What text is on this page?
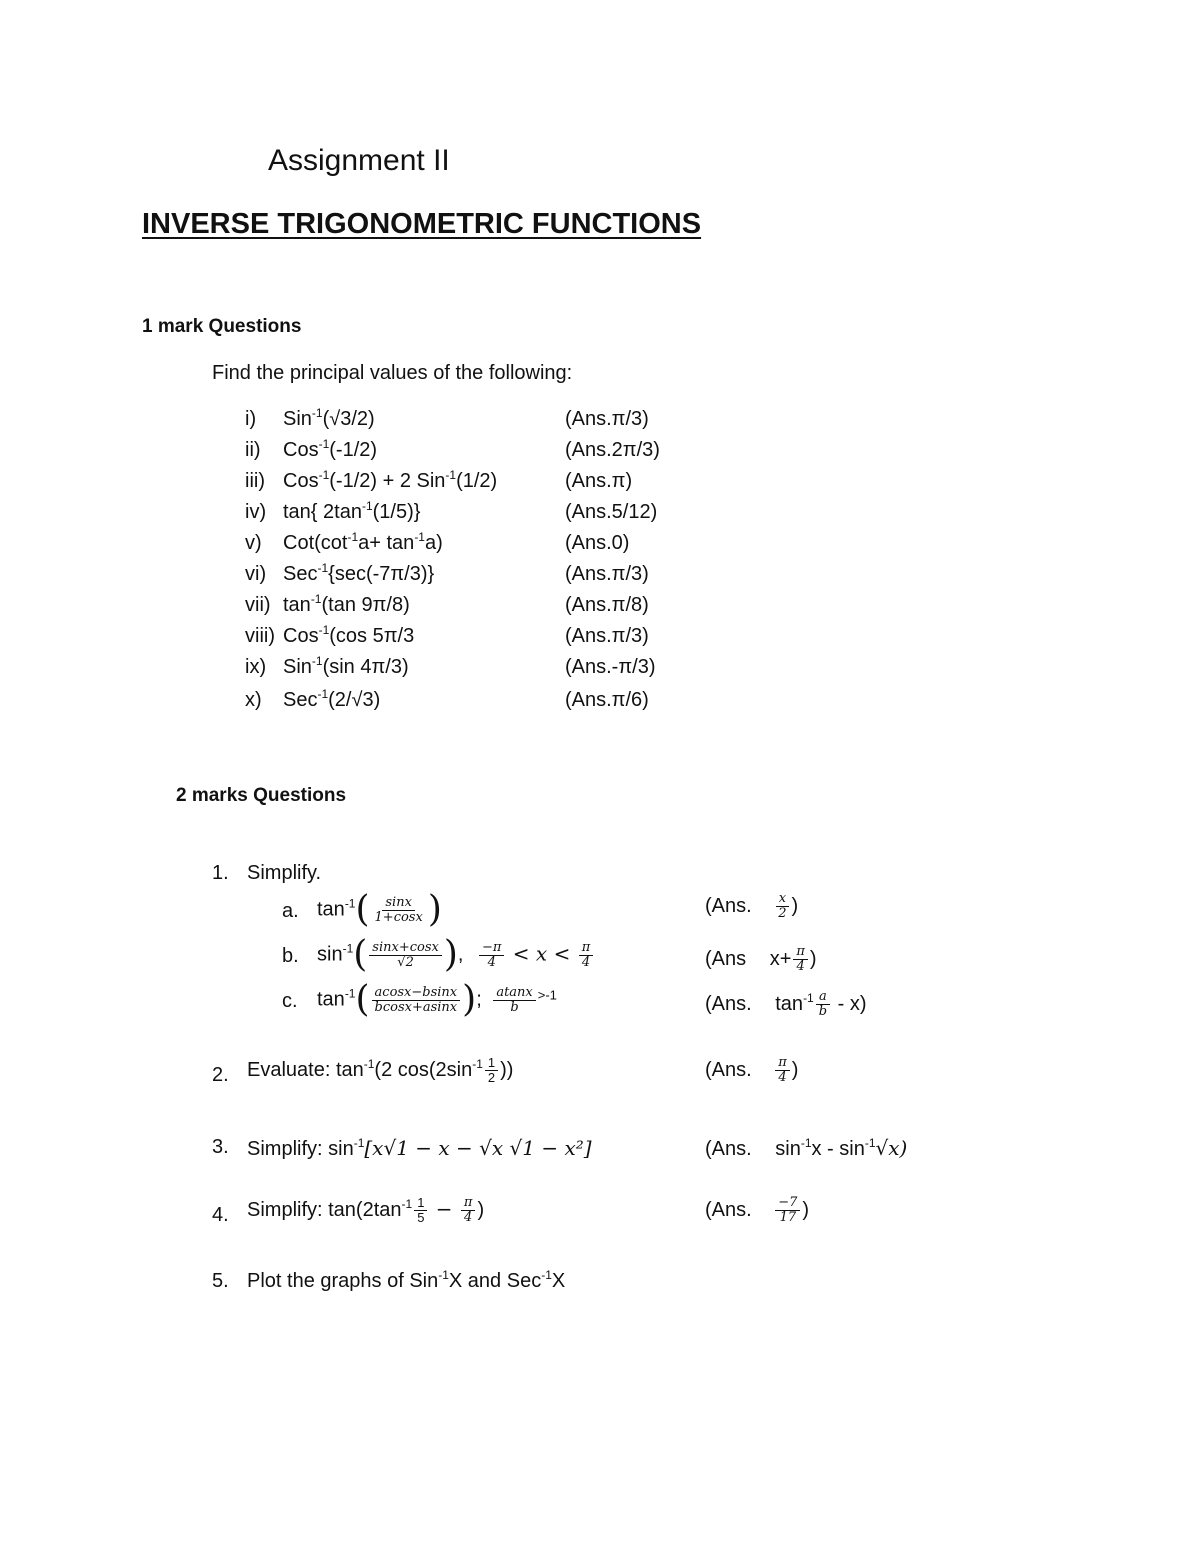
Assignment II
INVERSE TRIGONOMETRIC FUNCTIONS
1 mark Questions
Find the principal values of the following:
i) Sin$^{-1}$(√3/2)	(Ans.π/3)
ii) Cos$^{-1}$(-1/2)	(Ans.2π/3)
iii) Cos$^{-1}$(-1/2) + 2 Sin$^{-1}$(1/2)	(Ans.π)
iv) tan{ $2\tan^{-1}(1/5)$}	(Ans.5/12)
v) $Cot(\cot^{-1}a+ \tan^{-1}a)$	(Ans.0)
vi) Sec$^{-1}${sec(-7π/3)}	(Ans.π/3)
vii) $\tan^{-1}(\tan$ 9π/8)	(Ans.π/8)
viii) Cos$^{-1}$(cos 5π/3	(Ans.π/3)
ix) Sin$^{-1}$(sin 4π/3)	(Ans.-π/3)
x) Sec$^{-1}$(2/√3)	(Ans.π/6)
2 marks Questions
1. Simplify.
a. $\tan^{-1}( \frac{\sin x}{1+\cos x}$ )	(Ans. $\frac{x}{2}$ )
b. $\sin^{-1}( \frac{\sin x+\cos x}{√2}$ ), $\frac{-\pi}{4} < x < \frac{\pi}{4}$	(Ans $x+ \frac{\pi}{4}$ )
c. $\tan^{-1}( \frac{acosx-bsinx}{bcosx+asinx}$ ); $\frac{atanx}{b} ^{>-1}$	(Ans. $\tan^{-1} \frac{a}{b} - x$)
2. Evaluate: $\tan^{-1}(2$ $\cos(2\sin^{-1} \frac{1}{2}$ ))	(Ans. $\frac{\pi}{4}$ )
3. Simplify: $\sin^{-1}[x√1 - x - √x$ √1 − x²]	(Ans. $\sin^{-1}x - \sin^{-1}√x$)
4. Simplify: $\tan(2\tan^{-1} \frac{1}{5} - \frac{\pi}{4}$ )	(Ans. $\frac{-7}{17}$ )
5. Plot the graphs of Sin$^{-1}$X and Sec$^{-1}$X
